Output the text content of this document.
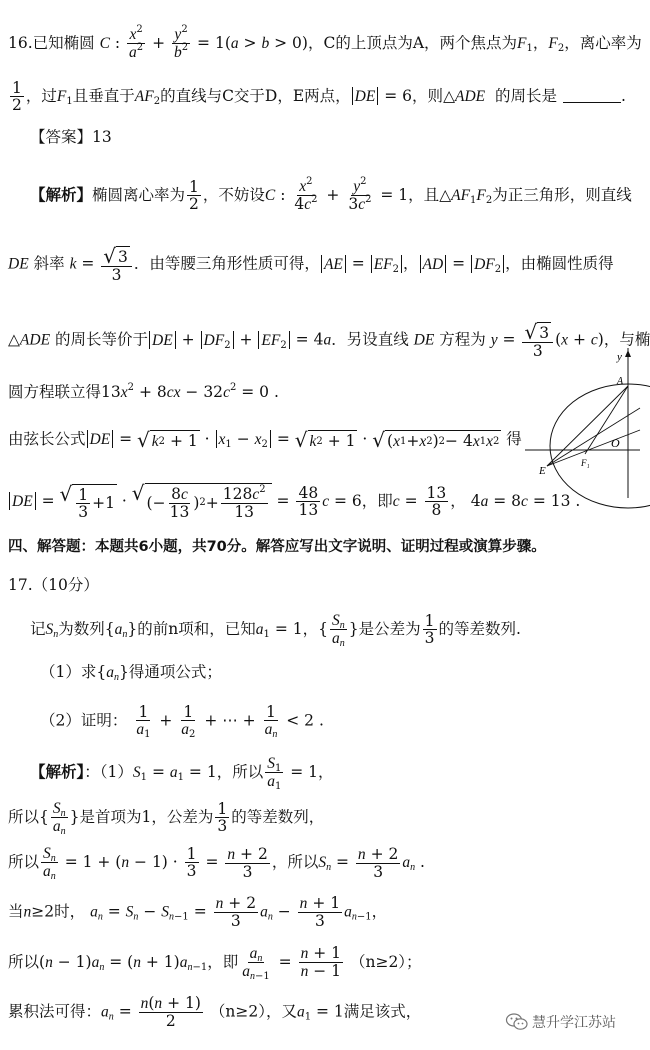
16.已知椭圆 C : $\frac{x^2}{a^2} + \frac{y^2}{b^2} = 1(a > b > 0)$，C的上顶点为A，两个焦点为$F_1$，$F_2$，离心率为
$\frac{1}{2}$ ，过$F_1$且垂直于$AF_2$的直线与C交于D，E两点， DE = 6，则△ADE 的周长是	.
【答案】13
【解析】椭圆离心率为 $\frac{1}{2}$ ，不妨设C : $\frac{x^2}{4c^2} + \frac{y^2}{3c^2} = 1$，且$\triangle AF_1F_2$为正三角形，则直线
DE 斜率 $k = \frac{√ 3}{3}$ ．由等腰三角形性质可得， AE = $EF_2$ ， AD = $DF_2$ ，由椭圆性质得
△ADE 的周长等价于 DE + $DF_2 + EF_2 = 4a$．另设直线 DE 方程为 $y = \frac{√ 3}{3} (x + c)$，与椭
圆方程联立得$13x^2 + 8cx - 32c^2 = 0$ .
由弦长公式 DE = √ k $2 + 1 \cdot x_1 - x_2$ = √ k 2 + 1 · √ ( x 1 + x 2 ) 2 − 4 x 1 x 2 得
DE = √ $\frac{1}{3} +1$ · √ (− $\frac{8c}{13}$ ) $2 + \frac{128c^2}{13} = \frac{48}{13}$ c = 6，即$c = \frac{13}{8}$ ， 4a = 8c = 13 .
y
A
O
E
F₁
四、解答题：本题共6小题，共70分。解答应写出文字说明、证明过程或演算步骤。
17.（10分）
记$S_n$为数列$\{a_n\}$的前n项和，已知$a_1 = 1$，{ $\frac{S_n}{a_n}$ }是公差为 $\frac{1}{3}$ 的等差数列.
（1）求$\{a_n\}$得通项公式；
（2）证明： $\frac{1}{a_1} + \frac{1}{a_2}$ + ⋯ + $\frac{1}{a_n} < 2$ .
【解析】：$(1)S_1 = a_1 = 1$，所以 $\frac{S_1}{a_1} = 1$，
所以{ $\frac{S_n}{a_n}$ }是首项为1，公差为 $\frac{1}{3}$ 的等差数列，
所以 $\frac{S_n}{a_n} = 1 + (n - 1) \cdot \frac{1}{3} = \frac{n + 2}{3}$ ，所以$S_n = \frac{n + 2}{3} a_n$ .
当n≥2时， $a_n = S_n - S_{n-1} = \frac{n + 2}{3} a_n - \frac{n + 1}{3} a_{n-1}$，
所以$(n - 1)a_n = (n + 1)a_{n-1}$，即 $\frac{a_n}{a_{n-1}} = \frac{n + 1}{n - 1} (n\ge 2)$；
累积法可得：$a_n = \frac{n(n + 1)}{2} (n\ge 2)$，又$a_1 = 1$满足该式，
慧升学江苏站
